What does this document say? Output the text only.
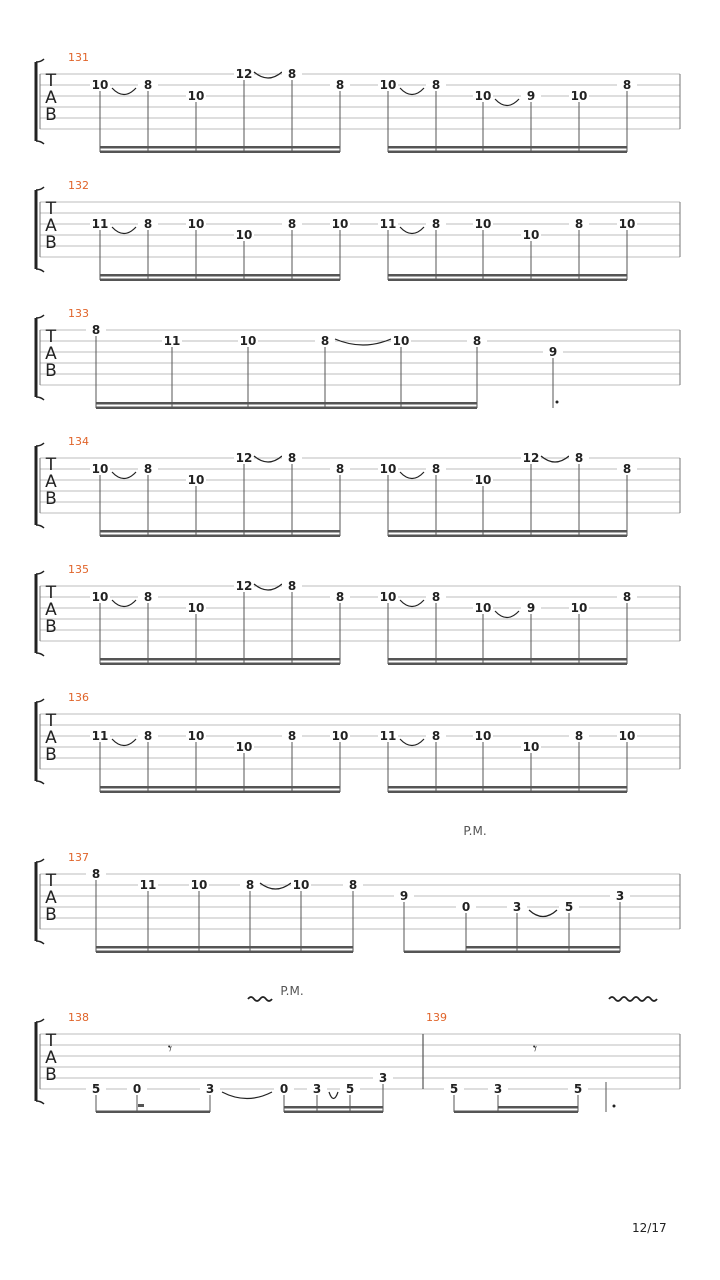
T
A
B
131
10	8
10
12	8
8	10	8
10	9	10
8
T
A
B
132
11	8	10
10
8	10	11	8	10
10
8	10
T
A
B
133
8
11	10	8	10	8
9
T
A
B
134
10	8
10
12	8
8	10	8
10
12	8
8
T
A
B
135
10	8
10
12	8
8	10	8
10	9	10
8
T
A
B
136
11	8	10
10
8	10	11	8	10
10
8	10
T
A
B
137
8
11	10	8	10	8
9
0	3	5
3
T
A
B
138
5	0	3	0 3 5
3
139
5	3	5
𝄾	𝄾
P.M.
P.M.
12/17
